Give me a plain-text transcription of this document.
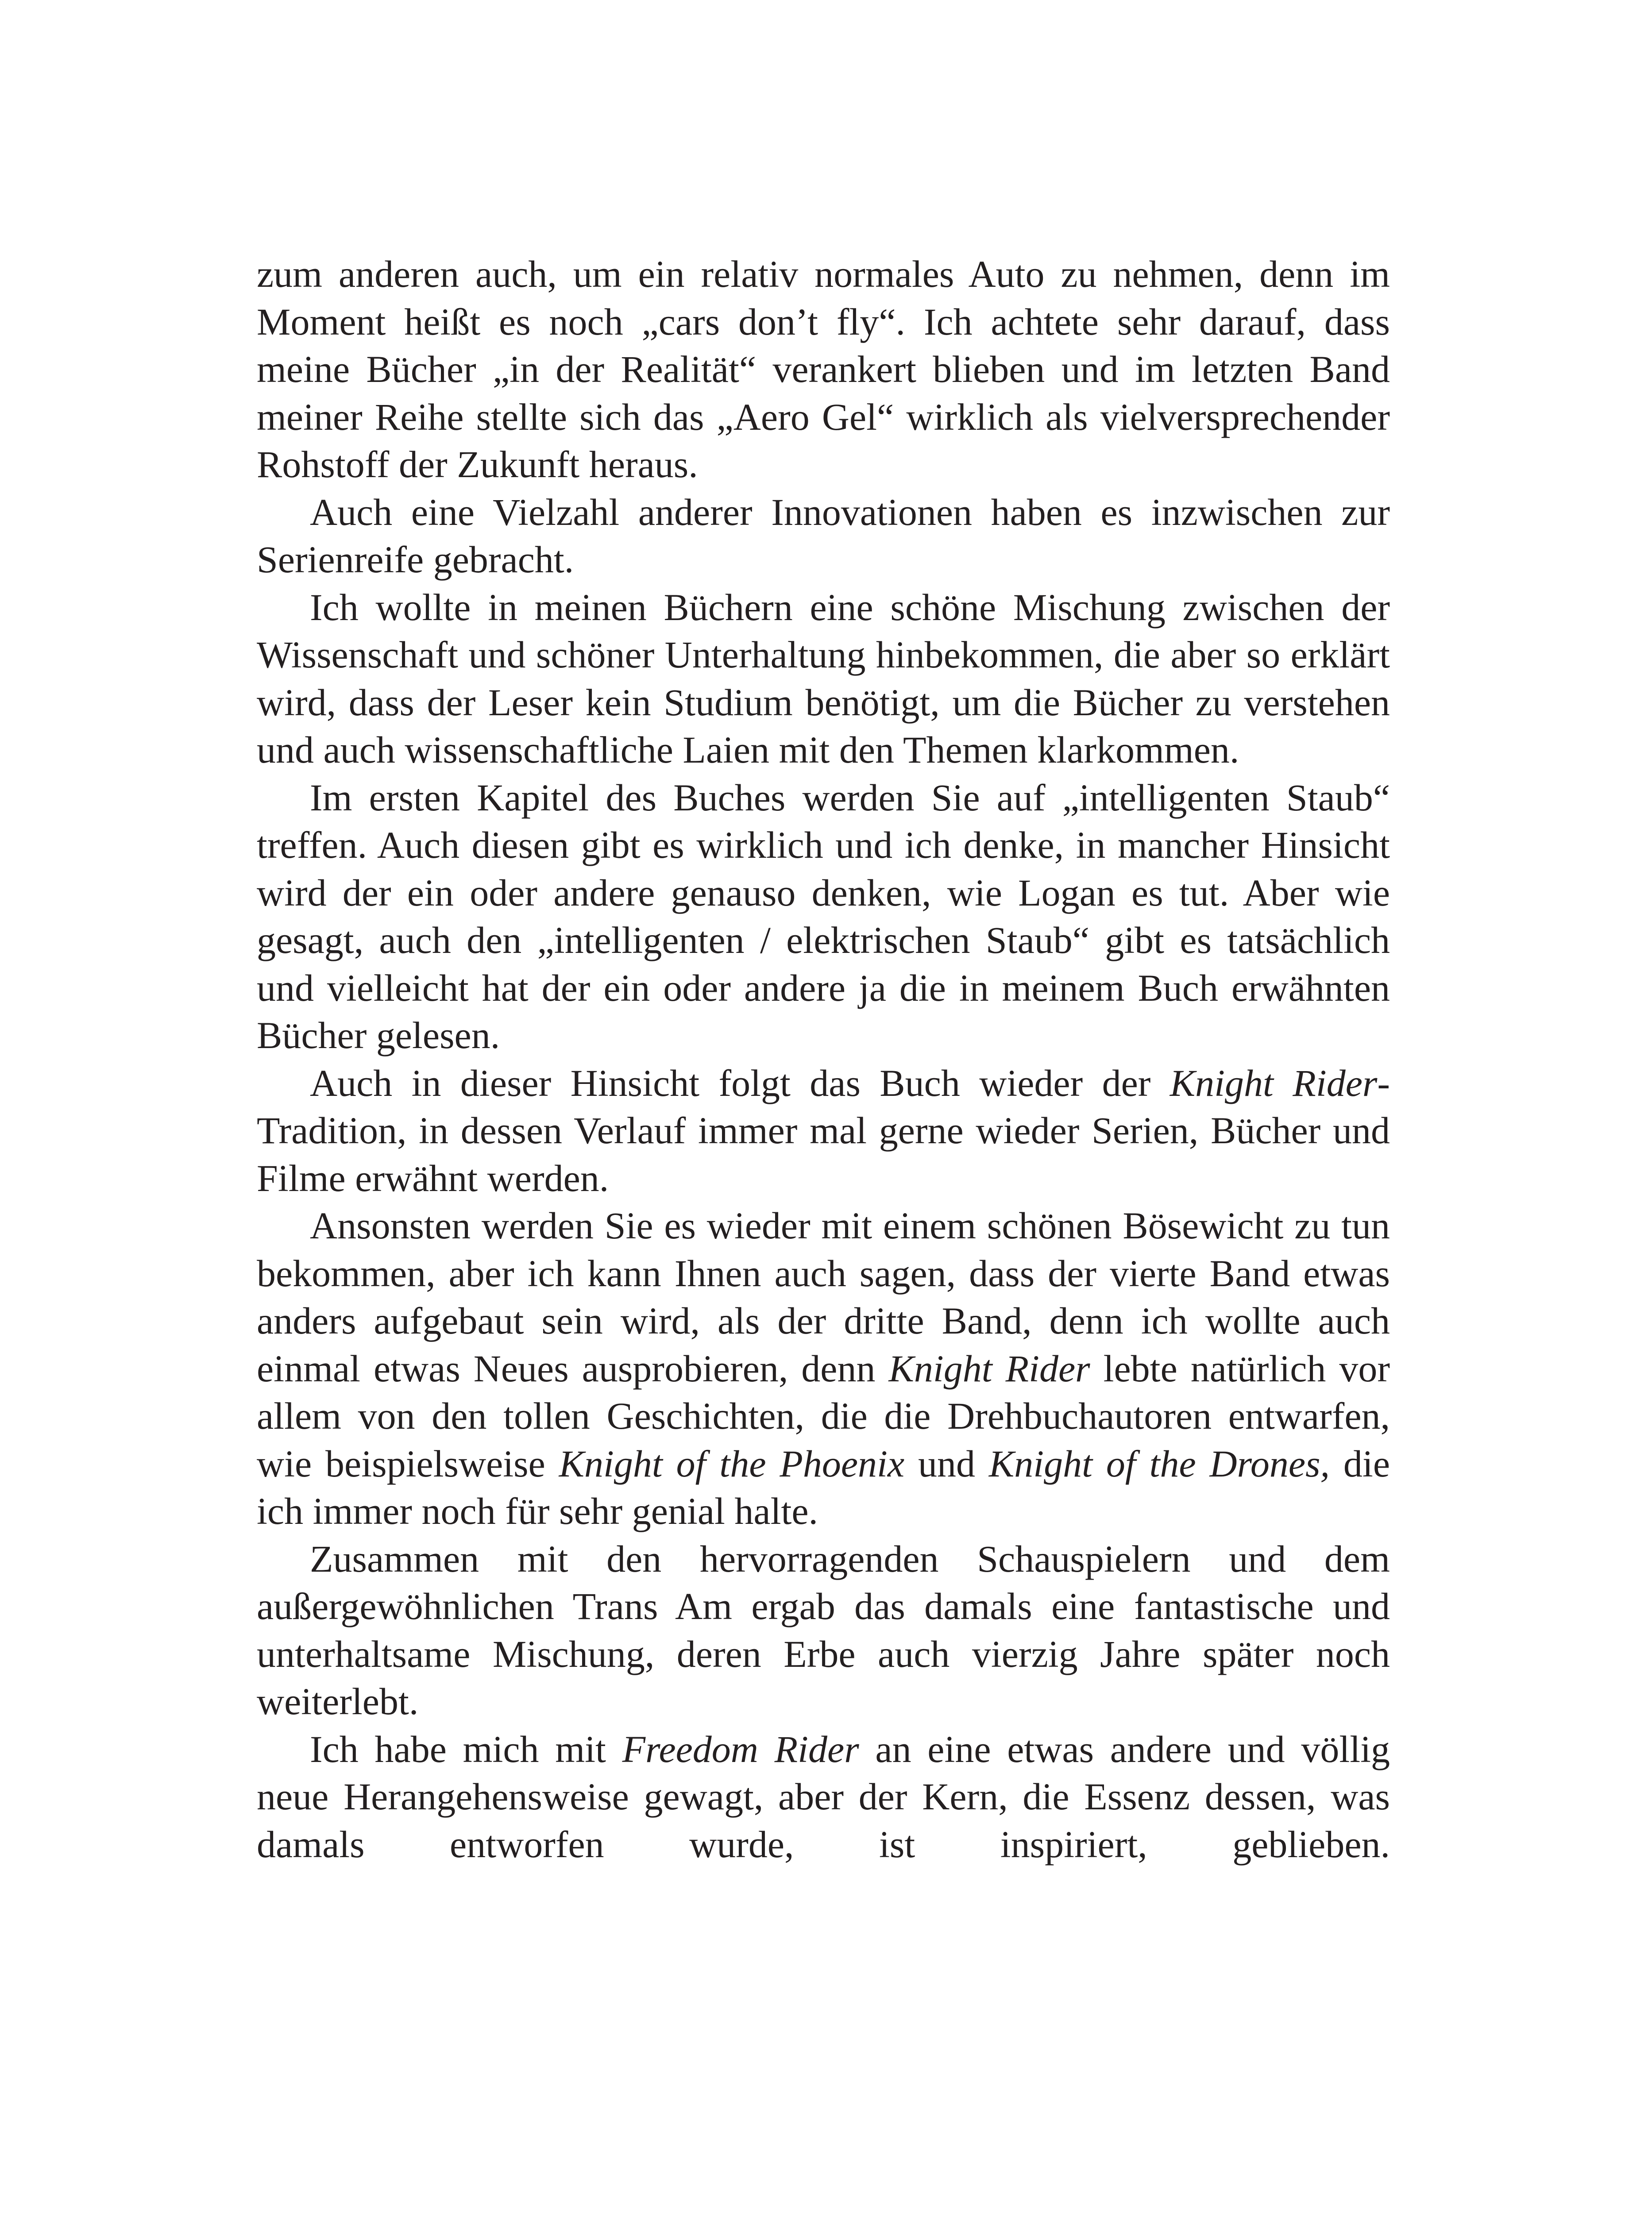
zum anderen auch, um ein relativ normales Auto zu nehmen, denn im Moment heißt es noch „cars don’t fly“. Ich achtete sehr darauf, dass meine Bücher „in der Realität“ verankert blieben und im letzten Band meiner Reihe stellte sich das „Aero Gel“ wirklich als vielversprechender Rohstoff der Zukunft heraus.

Auch eine Vielzahl anderer Innovationen haben es inzwischen zur Serienreife gebracht.

Ich wollte in meinen Büchern eine schöne Mischung zwischen der Wissenschaft und schöner Unterhaltung hinbekommen, die aber so erklärt wird, dass der Leser kein Studium benötigt, um die Bücher zu verstehen und auch wissenschaftliche Laien mit den Themen klarkommen.

Im ersten Kapitel des Buches werden Sie auf „intelligenten Staub“ treffen. Auch diesen gibt es wirklich und ich denke, in mancher Hinsicht wird der ein oder andere genauso denken, wie Logan es tut. Aber wie gesagt, auch den „intelligenten / elektrischen Staub“ gibt es tatsächlich und vielleicht hat der ein oder andere ja die in meinem Buch erwähnten Bücher gelesen.

Auch in dieser Hinsicht folgt das Buch wieder der Knight Rider- Tradition, in dessen Verlauf immer mal gerne wieder Serien, Bücher und Filme erwähnt werden.

Ansonsten werden Sie es wieder mit einem schönen Bösewicht zu tun bekommen, aber ich kann Ihnen auch sagen, dass der vierte Band etwas anders aufgebaut sein wird, als der dritte Band, denn ich wollte auch einmal etwas Neues ausprobieren, denn Knight Rider lebte natürlich vor allem von den tollen Geschichten, die die Drehbuchautoren entwarfen, wie beispielsweise Knight of the Phoenix und Knight of the Drones, die ich immer noch für sehr genial halte.

Zusammen mit den hervorragenden Schauspielern und dem außergewöhnlichen Trans Am ergab das damals eine fantastische und unterhaltsame Mischung, deren Erbe auch vierzig Jahre später noch weiterlebt.

Ich habe mich mit Freedom Rider an eine etwas andere und völlig neue Herangehensweise gewagt, aber der Kern, die Essenz dessen, was damals entworfen wurde, ist inspiriert, geblieben.
